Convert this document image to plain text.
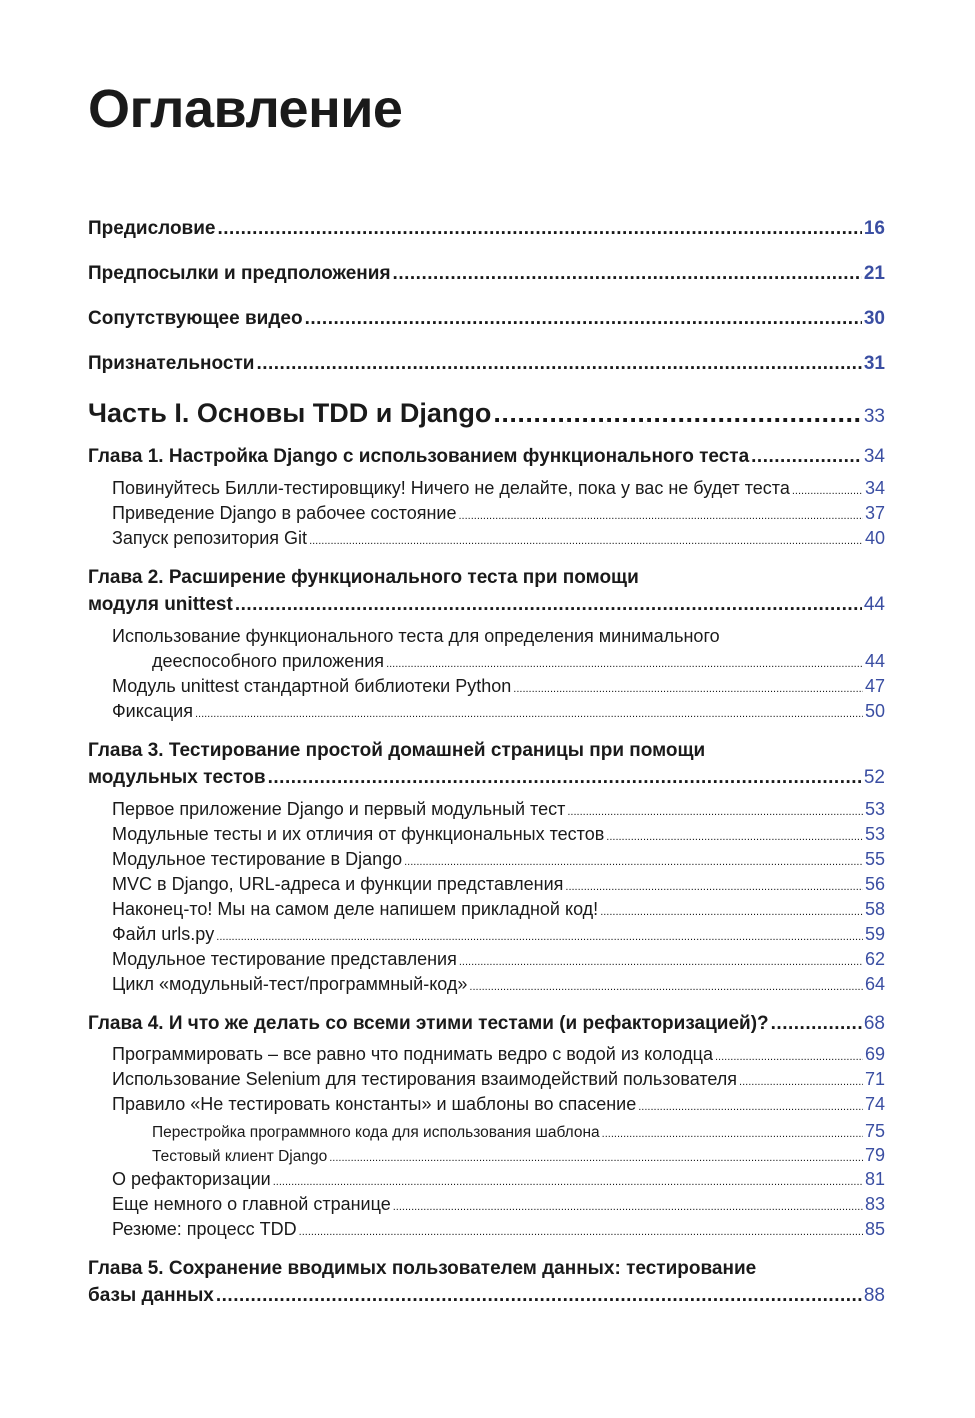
Оглавление
Предисловие .....	16
Предпосылки и предположения .....	21
Сопутствующее видео .....	30
Признательности .....	31
Часть I. Основы TDD и Django .....	33
Глава 1. Настройка Django с использованием функционального теста .....	34
Повинуйтесь Билли-тестировщику! Ничего не делайте, пока у вас не будет теста .....	34
Приведение Django в рабочее состояние .....	37
Запуск репозитория Git .....	40
Глава 2. Расширение функционального теста при помощи
модуля unittest .....	44
Использование функционального теста для определения минимального
дееспособного приложения .....	44
Модуль unittest стандартной библиотеки Python .....	47
Фиксация .....	50
Глава 3. Тестирование простой домашней страницы при помощи
модульных тестов .....	52
Первое приложение Django и первый модульный тест .....	53
Модульные тесты и их отличия от функциональных тестов .....	53
Модульное тестирование в Django .....	55
MVC в Django, URL-адреса и функции представления .....	56
Наконец-то! Мы на самом деле напишем прикладной код! .....	58
Файл urls.py .....	59
Модульное тестирование представления .....	62
Цикл «модульный-тест/программный-код» .....	64
Глава 4. И что же делать со всеми этими тестами (и рефакторизацией)? .....	68
Программировать – все равно что поднимать ведро с водой из колодца .....	69
Использование Selenium для тестирования взаимодействий пользователя .....	71
Правило «Не тестировать константы» и шаблоны во спасение .....	74
Перестройка программного кода для использования шаблона .....	75
Тестовый клиент Django .....	79
О рефакторизации .....	81
Еще немного о главной странице .....	83
Резюме: процесс TDD .....	85
Глава 5. Сохранение вводимых пользователем данных: тестирование
базы данных .....	88
